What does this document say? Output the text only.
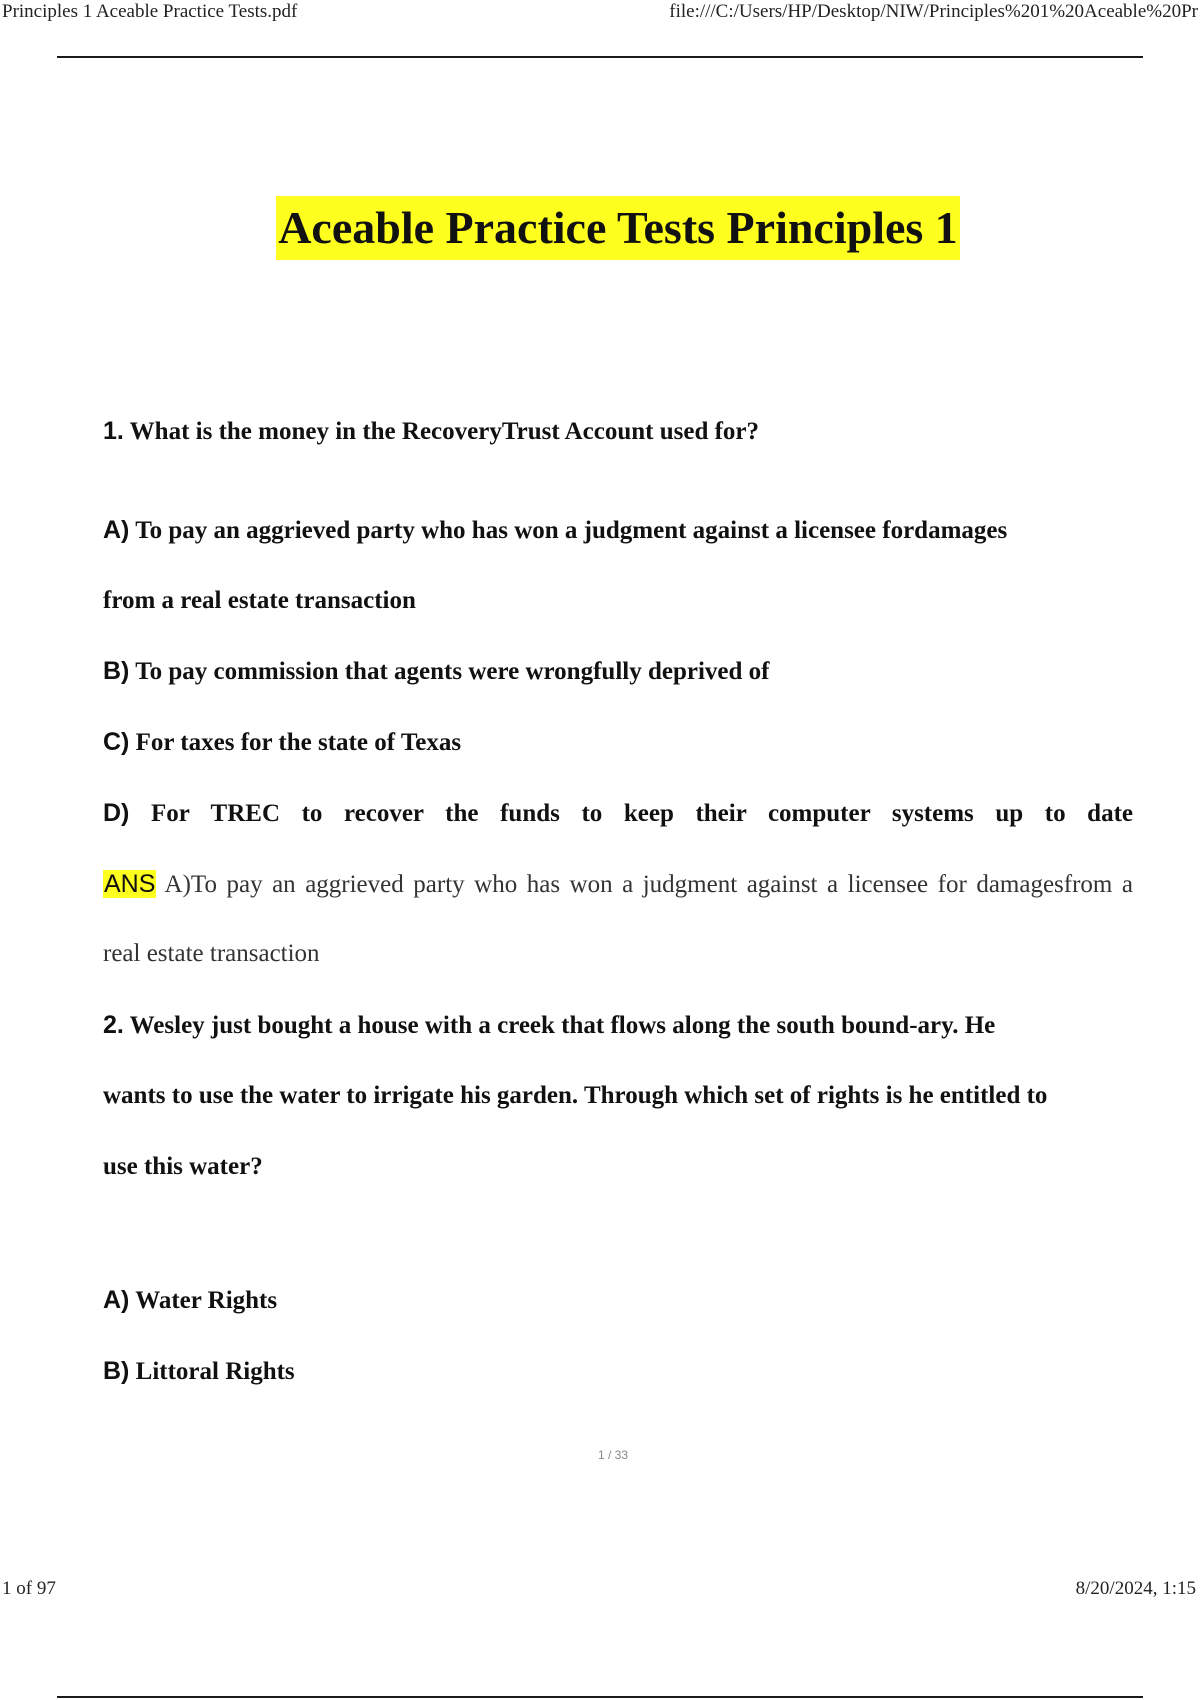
Principles 1 Aceable Practice Tests.pdf	file:///C:/Users/HP/Desktop/NIW/Principles%201%20Aceable%20Pr
Aceable Practice Tests Principles 1
1. What is the money in the RecoveryTrust Account used for?
A) To pay an aggrieved party who has won a judgment against a licensee fordamages
from a real estate transaction
B) To pay commission that agents were wrongfully deprived of
C) For taxes for the state of Texas
D) For TREC to recover the funds to keep their computer systems up to date
ANS A)To pay an aggrieved party who has won a judgment against a licensee for damagesfrom a
real estate transaction
2. Wesley just bought a house with a creek that flows along the south bound-ary. He
wants to use the water to irrigate his garden. Through which set of rights is he entitled to
use this water?
A) Water Rights
B) Littoral Rights
1 / 33
1 of 97	8/20/2024, 1:15
